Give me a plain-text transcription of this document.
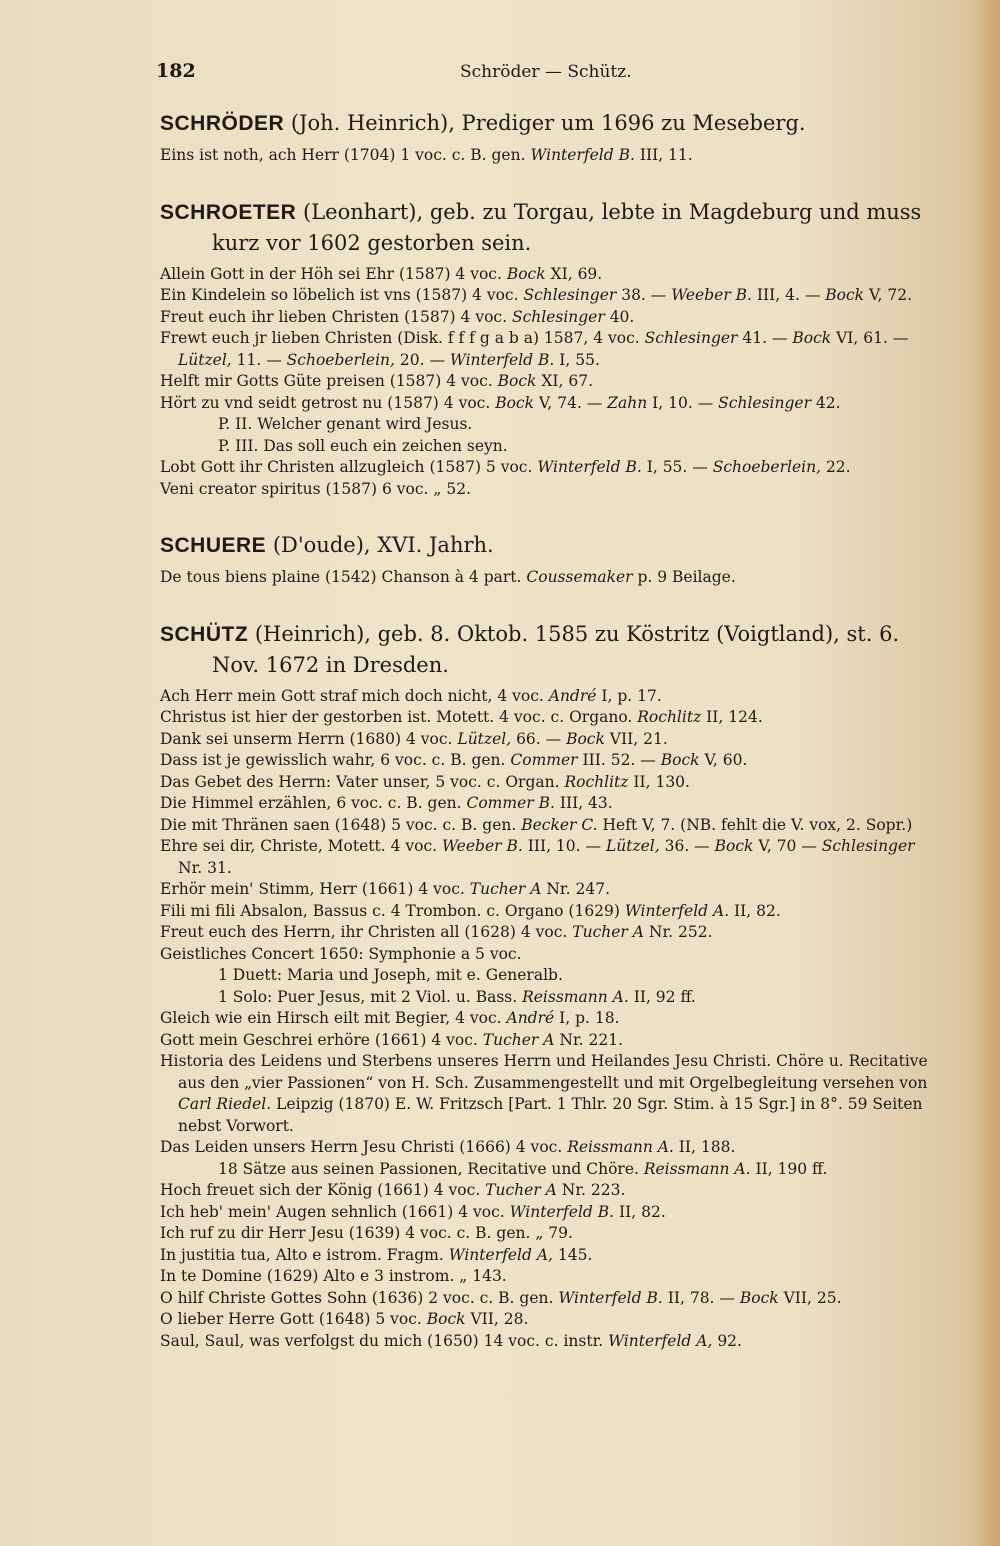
182	Schröder — Schütz.
SCHRÖDER (Joh. Heinrich), Prediger um 1696 zu Meseberg.
Eins ist noth, ach Herr (1704) 1 voc. c. B. gen. Winterfeld B. III, 11.
SCHROETER (Leonhart), geb. zu Torgau, lebte in Magdeburg und muss kurz vor 1602 gestorben sein.
Allein Gott in der Höh sei Ehr (1587) 4 voc. Bock XI, 69.
Ein Kindelein so löbelich ist vns (1587) 4 voc. Schlesinger 38. — Weeber B. III, 4. — Bock V, 72.
Freut euch ihr lieben Christen (1587) 4 voc. Schlesinger 40.
Frewt euch jr lieben Christen (Disk. f f f g a b a) 1587, 4 voc. Schlesinger 41. — Bock VI, 61. — Lützel, 11. — Schoeberlein, 20. — Winterfeld B. I, 55.
Helft mir Gotts Güte preisen (1587) 4 voc. Bock XI, 67.
Hört zu vnd seidt getrost nu (1587) 4 voc. Bock V, 74. — Zahn I, 10. — Schlesinger 42.
P. II. Welcher genant wird Jesus.
P. III. Das soll euch ein zeichen seyn.
Lobt Gott ihr Christen allzugleich (1587) 5 voc. Winterfeld B. I, 55. — Schoeberlein, 22.
Veni creator spiritus (1587) 6 voc. „ 52.
SCHUERE (D'oude), XVI. Jahrh.
De tous biens plaine (1542) Chanson à 4 part. Coussemaker p. 9 Beilage.
SCHÜTZ (Heinrich), geb. 8. Oktob. 1585 zu Köstritz (Voigtland), st. 6. Nov. 1672 in Dresden.
Ach Herr mein Gott straf mich doch nicht, 4 voc. André I, p. 17.
Christus ist hier der gestorben ist. Motett. 4 voc. c. Organo. Rochlitz II, 124.
Dank sei unserm Herrn (1680) 4 voc. Lützel, 66. — Bock VII, 21.
Dass ist je gewisslich wahr, 6 voc. c. B. gen. Commer III. 52. — Bock V, 60.
Das Gebet des Herrn: Vater unser, 5 voc. c. Organ. Rochlitz II, 130.
Die Himmel erzählen, 6 voc. c. B. gen. Commer B. III, 43.
Die mit Thränen saen (1648) 5 voc. c. B. gen. Becker C. Heft V, 7. (NB. fehlt die V. vox, 2. Sopr.)
Ehre sei dir, Christe, Motett. 4 voc. Weeber B. III, 10. — Lützel, 36. — Bock V, 70 — Schlesinger Nr. 31.
Erhör mein' Stimm, Herr (1661) 4 voc. Tucher A Nr. 247.
Fili mi fili Absalon, Bassus c. 4 Trombon. c. Organo (1629) Winterfeld A. II, 82.
Freut euch des Herrn, ihr Christen all (1628) 4 voc. Tucher A Nr. 252.
Geistliches Concert 1650: Symphonie a 5 voc.
1 Duett: Maria und Joseph, mit e. Generalb.
1 Solo: Puer Jesus, mit 2 Viol. u. Bass. Reissmann A. II, 92 ff.
Gleich wie ein Hirsch eilt mit Begier, 4 voc. André I, p. 18.
Gott mein Geschrei erhöre (1661) 4 voc. Tucher A Nr. 221.
Historia des Leidens und Sterbens unseres Herrn und Heilandes Jesu Christi. Chöre u. Recitative aus den „vier Passionen“ von H. Sch. Zusammengestellt und mit Orgelbegleitung versehen von Carl Riedel. Leipzig (1870) E. W. Fritzsch [Part. 1 Thlr. 20 Sgr. Stim. à 15 Sgr.] in 8°. 59 Seiten nebst Vorwort.
Das Leiden unsers Herrn Jesu Christi (1666) 4 voc. Reissmann A. II, 188.
18 Sätze aus seinen Passionen, Recitative und Chöre. Reissmann A. II, 190 ff.
Hoch freuet sich der König (1661) 4 voc. Tucher A Nr. 223.
Ich heb' mein' Augen sehnlich (1661) 4 voc. Winterfeld B. II, 82.
Ich ruf zu dir Herr Jesu (1639) 4 voc. c. B. gen. „ 79.
In justitia tua, Alto e istrom. Fragm. Winterfeld A, 145.
In te Domine (1629) Alto e 3 instrom. „ 143.
O hilf Christe Gottes Sohn (1636) 2 voc. c. B. gen. Winterfeld B. II, 78. — Bock VII, 25.
O lieber Herre Gott (1648) 5 voc. Bock VII, 28.
Saul, Saul, was verfolgst du mich (1650) 14 voc. c. instr. Winterfeld A, 92.
